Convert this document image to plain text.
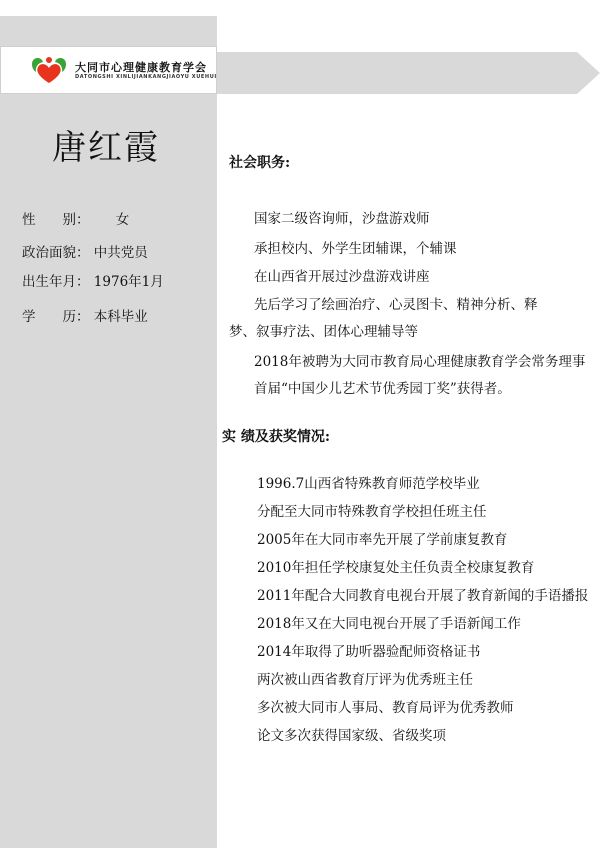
大同市心理健康教育学会
DATONGSHI XINLIJIANKANGJIAOYU XUEHUI
唐红霞
性　　别： 女
政治面貌： 中共党员
出生年月： 1976年1月
学　　历： 本科毕业
社会职务:
国家二级咨询师，沙盘游戏师
承担校内、外学生团辅课，个辅课
在山西省开展过沙盘游戏讲座
先后学习了绘画治疗、心灵图卡、精神分析、释
梦、叙事疗法、团体心理辅导等
2018年被聘为大同市教育局心理健康教育学会常务理事
首届“中国少儿艺术节优秀园丁奖”获得者。
实 绩及获奖情况:
1996.7山西省特殊教育师范学校毕业
分配至大同市特殊教育学校担任班主任
2005年在大同市率先开展了学前康复教育
2010年担任学校康复处主任负责全校康复教育
2011年配合大同教育电视台开展了教育新闻的手语播报
2018年又在大同电视台开展了手语新闻工作
2014年取得了助听器验配师资格证书
两次被山西省教育厅评为优秀班主任
多次被大同市人事局、教育局评为优秀教师
论文多次获得国家级、省级奖项
